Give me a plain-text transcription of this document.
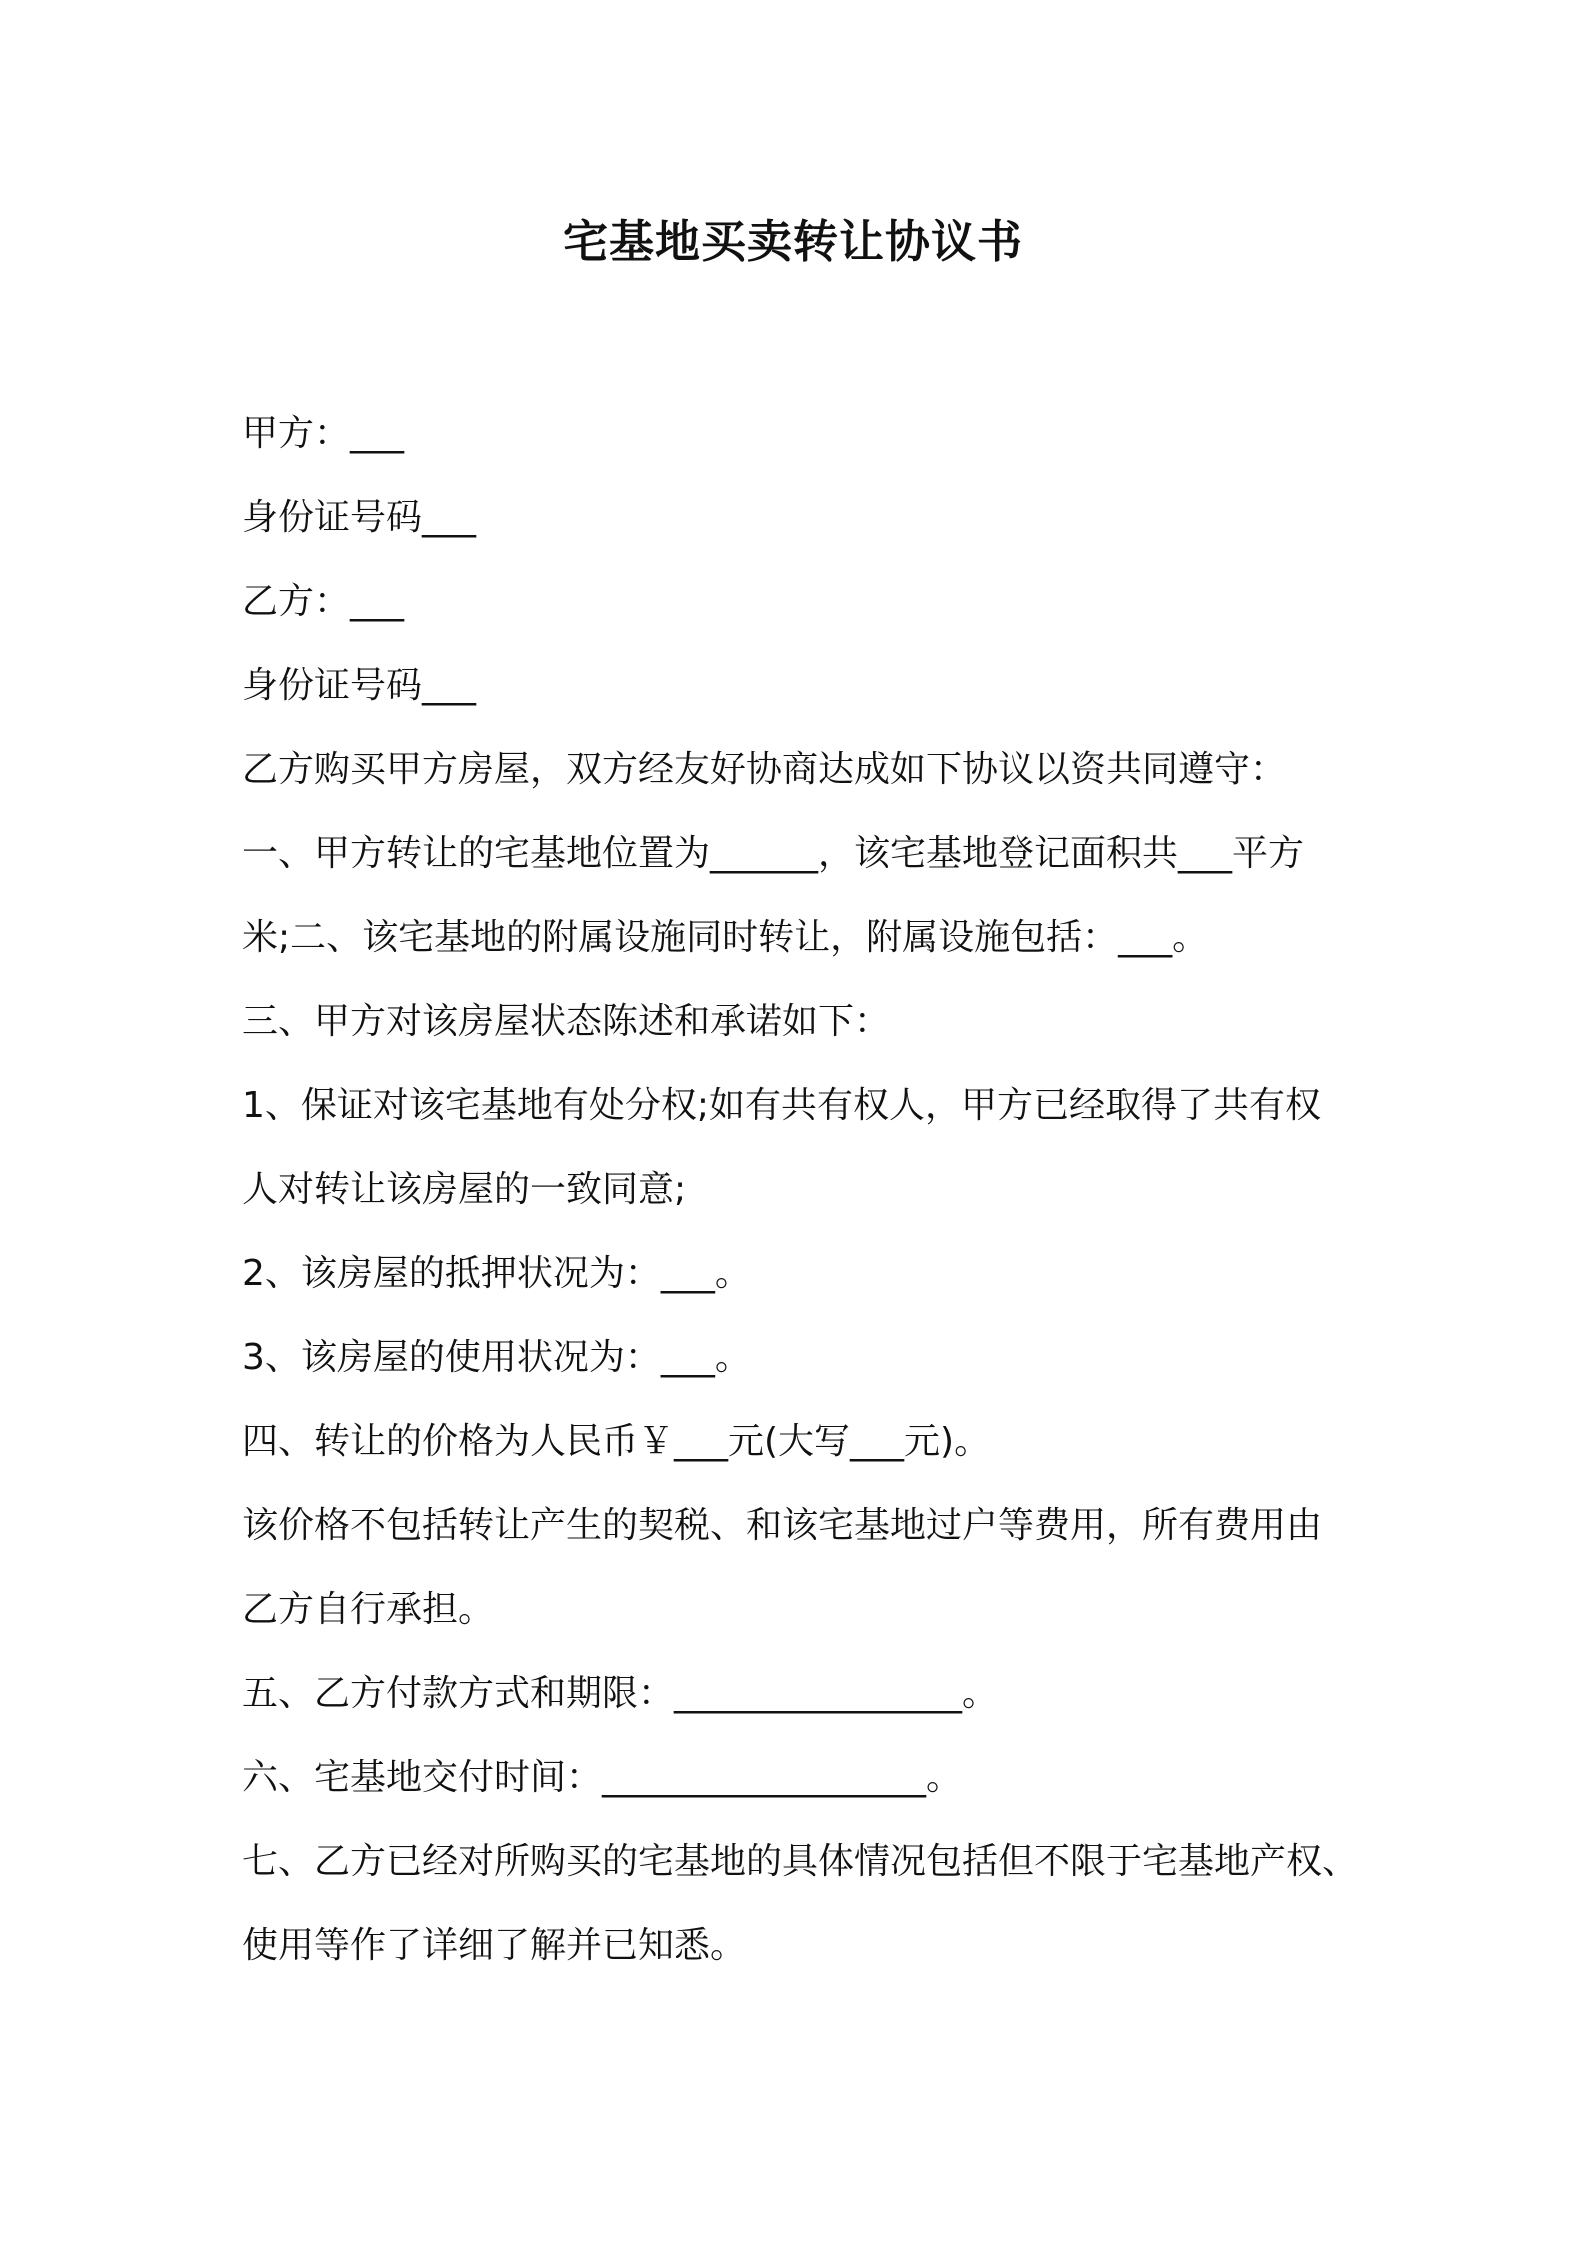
宅基地买卖转让协议书
甲方：___
身份证号码___
乙方：___
身份证号码___
乙方购买甲方房屋，双方经友好协商达成如下协议以资共同遵守：
一、甲方转让的宅基地位置为______，该宅基地登记面积共___平方
米;二、该宅基地的附属设施同时转让，附属设施包括：___。
三、甲方对该房屋状态陈述和承诺如下：
1、保证对该宅基地有处分权;如有共有权人，甲方已经取得了共有权
人对转让该房屋的一致同意;
2、该房屋的抵押状况为：___。
3、该房屋的使用状况为：___。
四、转让的价格为人民币￥___元(大写___元)。
该价格不包括转让产生的契税、和该宅基地过户等费用，所有费用由
乙方自行承担。
五、乙方付款方式和期限：________________。
六、宅基地交付时间：__________________。
七、乙方已经对所购买的宅基地的具体情况包括但不限于宅基地产权、
使用等作了详细了解并已知悉。
